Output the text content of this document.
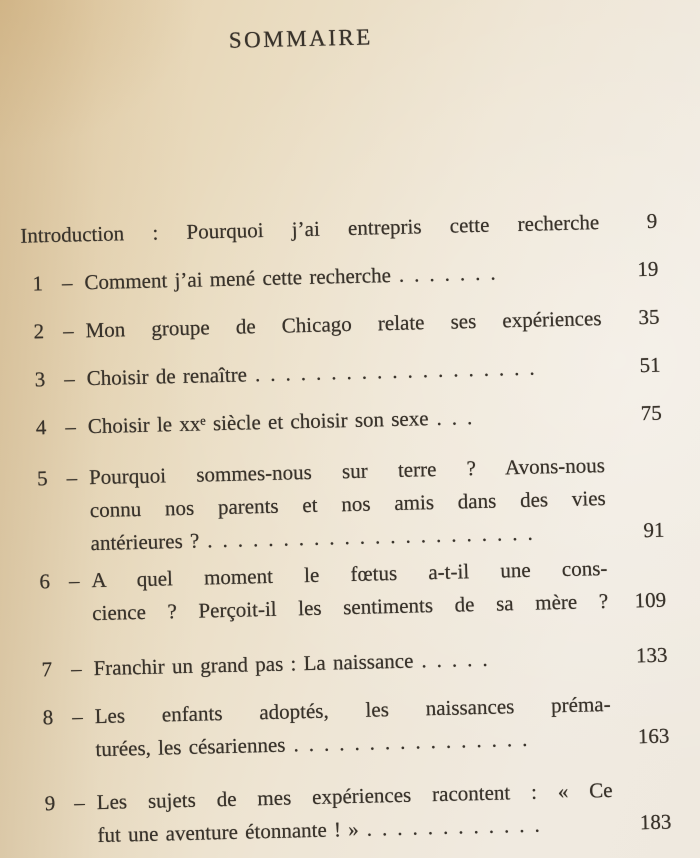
SOMMAIRE
Introduction : Pourquoi j’ai entrepris cette recherche	9
1 – Comment j’ai mené cette recherche .......	19
2 – Mon groupe de Chicago relate ses expériences	35
3 – Choisir de renaître ...................	51
4 – Choisir le xxᵉ siècle et choisir son sexe ...	75
5 – Pourquoi sommes-nous sur terre ? Avons-nous
connu nos parents et nos amis dans des vies
antérieures ? ......................	91
6 – A quel moment le fœtus a-t-il une cons-
cience ? Perçoit-il les sentiments de sa mère ?	109
7 – Franchir un grand pas : La naissance .....	133
8 – Les enfants adoptés, les naissances préma-
turées, les césariennes ................	163
9 – Les sujets de mes expériences racontent : « Ce
fut une aventure étonnante ! » ............	183
